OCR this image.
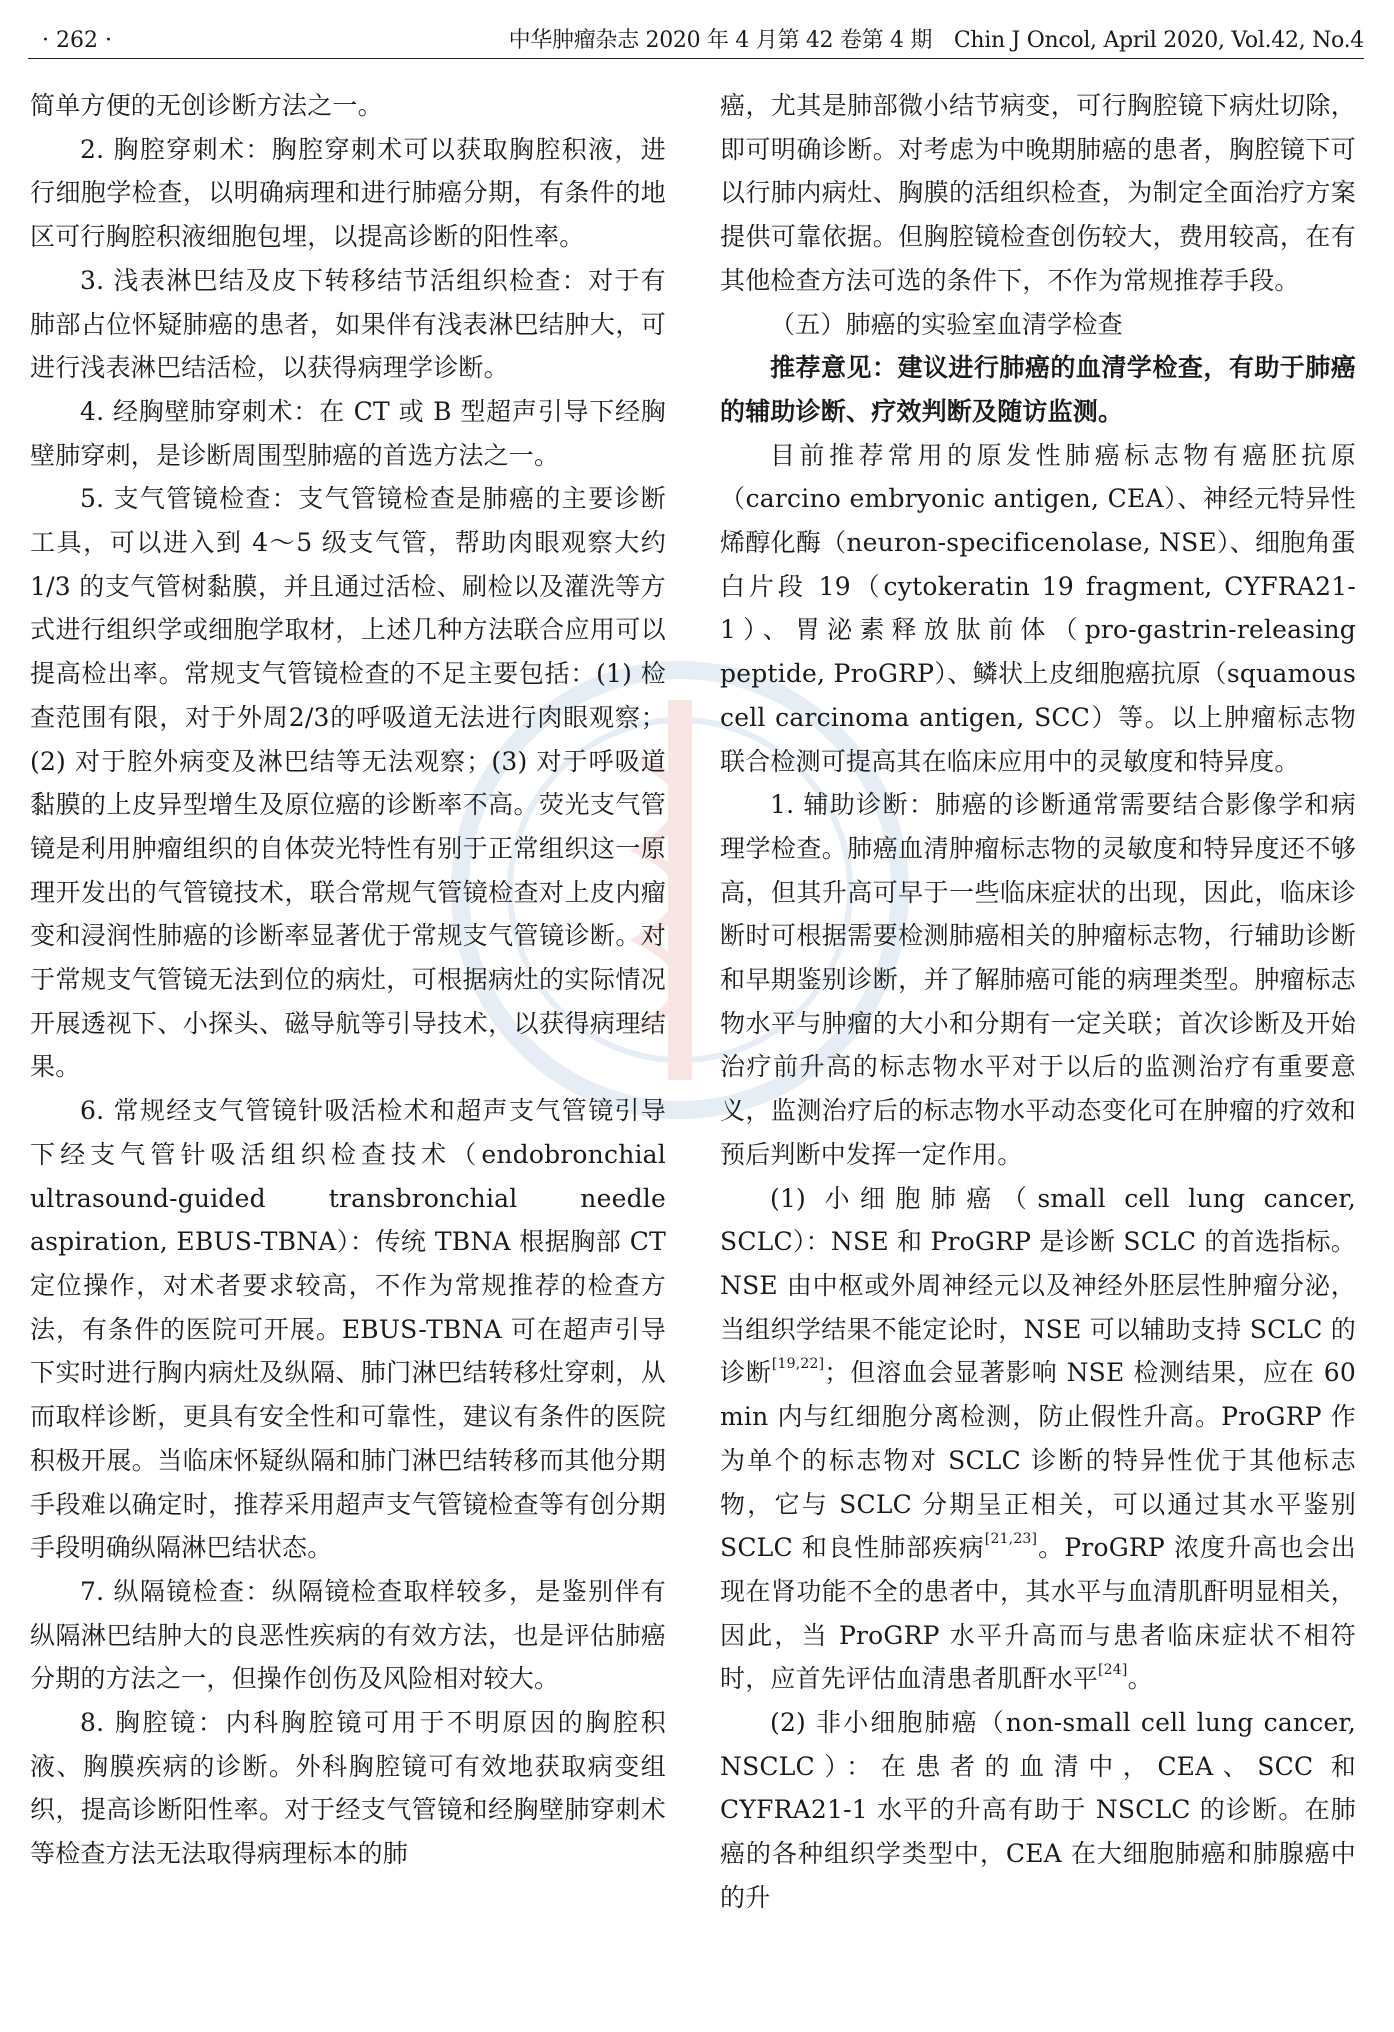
· 262 ·	中华肿瘤杂志 2020 年 4 月第 42 卷第 4 期　Chin J Oncol, April 2020, Vol.42, No.4

简单方便的无创诊断方法之一。

2. 胸腔穿刺术：胸腔穿刺术可以获取胸腔积液，进行细胞学检查，以明确病理和进行肺癌分期，有条件的地区可行胸腔积液细胞包埋，以提高诊断的阳性率。

3. 浅表淋巴结及皮下转移结节活组织检查：对于有肺部占位怀疑肺癌的患者，如果伴有浅表淋巴结肿大，可进行浅表淋巴结活检，以获得病理学诊断。

4. 经胸壁肺穿刺术：在 CT 或 B 型超声引导下经胸壁肺穿刺，是诊断周围型肺癌的首选方法之一。

5. 支气管镜检查：支气管镜检查是肺癌的主要诊断工具，可以进入到 4～5 级支气管，帮助肉眼观察大约 1/3 的支气管树黏膜，并且通过活检、刷检以及灌洗等方式进行组织学或细胞学取材，上述几种方法联合应用可以提高检出率。常规支气管镜检查的不足主要包括：(1) 检查范围有限，对于外周2/3的呼吸道无法进行肉眼观察；(2) 对于腔外病变及淋巴结等无法观察；(3) 对于呼吸道黏膜的上皮异型增生及原位癌的诊断率不高。荧光支气管镜是利用肿瘤组织的自体荧光特性有别于正常组织这一原理开发出的气管镜技术，联合常规气管镜检查对上皮内瘤变和浸润性肺癌的诊断率显著优于常规支气管镜诊断。对于常规支气管镜无法到位的病灶，可根据病灶的实际情况开展透视下、小探头、磁导航等引导技术，以获得病理结果。

6. 常规经支气管镜针吸活检术和超声支气管镜引导下经支气管针吸活组织检查技术（endobronchial ultrasound-guided transbronchial needle aspiration, EBUS-TBNA）：传统 TBNA 根据胸部 CT 定位操作，对术者要求较高，不作为常规推荐的检查方法，有条件的医院可开展。EBUS-TBNA 可在超声引导下实时进行胸内病灶及纵隔、肺门淋巴结转移灶穿刺，从而取样诊断，更具有安全性和可靠性，建议有条件的医院积极开展。当临床怀疑纵隔和肺门淋巴结转移而其他分期手段难以确定时，推荐采用超声支气管镜检查等有创分期手段明确纵隔淋巴结状态。

7. 纵隔镜检查：纵隔镜检查取样较多，是鉴别伴有纵隔淋巴结肿大的良恶性疾病的有效方法，也是评估肺癌分期的方法之一，但操作创伤及风险相对较大。

8. 胸腔镜：内科胸腔镜可用于不明原因的胸腔积液、胸膜疾病的诊断。外科胸腔镜可有效地获取病变组织，提高诊断阳性率。对于经支气管镜和经胸壁肺穿刺术等检查方法无法取得病理标本的肺

癌，尤其是肺部微小结节病变，可行胸腔镜下病灶切除，即可明确诊断。对考虑为中晚期肺癌的患者，胸腔镜下可以行肺内病灶、胸膜的活组织检查，为制定全面治疗方案提供可靠依据。但胸腔镜检查创伤较大，费用较高，在有其他检查方法可选的条件下，不作为常规推荐手段。

（五）肺癌的实验室血清学检查

推荐意见：建议进行肺癌的血清学检查，有助于肺癌的辅助诊断、疗效判断及随访监测。

目前推荐常用的原发性肺癌标志物有癌胚抗原（carcino embryonic antigen, CEA）、神经元特异性烯醇化酶（neuron-specificenolase, NSE）、细胞角蛋白片段 19（cytokeratin 19 fragment, CYFRA21-1）、胃泌素释放肽前体（pro-gastrin-releasing peptide, ProGRP）、鳞状上皮细胞癌抗原（squamous cell carcinoma antigen, SCC）等。以上肿瘤标志物联合检测可提高其在临床应用中的灵敏度和特异度。

1. 辅助诊断：肺癌的诊断通常需要结合影像学和病理学检查。肺癌血清肿瘤标志物的灵敏度和特异度还不够高，但其升高可早于一些临床症状的出现，因此，临床诊断时可根据需要检测肺癌相关的肿瘤标志物，行辅助诊断和早期鉴别诊断，并了解肺癌可能的病理类型。肿瘤标志物水平与肿瘤的大小和分期有一定关联；首次诊断及开始治疗前升高的标志物水平对于以后的监测治疗有重要意义，监测治疗后的标志物水平动态变化可在肿瘤的疗效和预后判断中发挥一定作用。

(1) 小细胞肺癌（small cell lung cancer, SCLC）：NSE 和 ProGRP 是诊断 SCLC 的首选指标。NSE 由中枢或外周神经元以及神经外胚层性肿瘤分泌，当组织学结果不能定论时，NSE 可以辅助支持 SCLC 的诊断[19,22]；但溶血会显著影响 NSE 检测结果，应在 60 min 内与红细胞分离检测，防止假性升高。ProGRP 作为单个的标志物对 SCLC 诊断的特异性优于其他标志物，它与 SCLC 分期呈正相关，可以通过其水平鉴别 SCLC 和良性肺部疾病[21,23]。ProGRP 浓度升高也会出现在肾功能不全的患者中，其水平与血清肌酐明显相关，因此，当 ProGRP 水平升高而与患者临床症状不相符时，应首先评估血清患者肌酐水平[24]。

(2) 非小细胞肺癌（non-small cell lung cancer, NSCLC）：在患者的血清中，CEA、SCC 和 CYFRA21-1 水平的升高有助于 NSCLC 的诊断。在肺癌的各种组织学类型中，CEA 在大细胞肺癌和肺腺癌中的升
